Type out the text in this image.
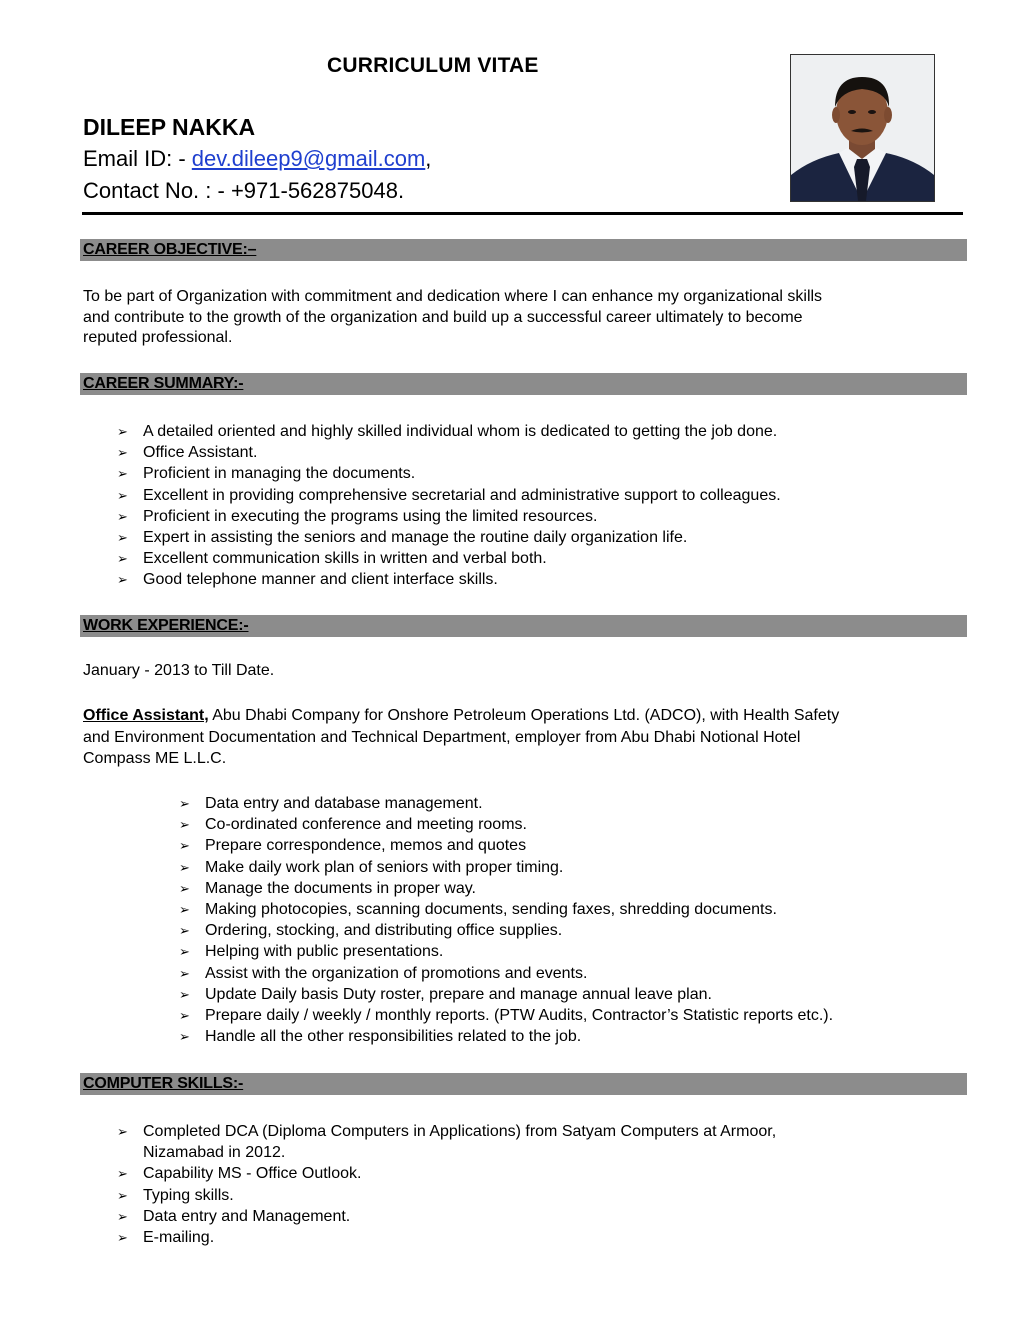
CURRICULUM VITAE
DILEEP NAKKA
Email ID: - dev.dileep9@gmail.com,
Contact No. : - +971-562875048.
CAREER OBJECTIVE:–

To be part of Organization with commitment and dedication where I can enhance my organizational skills

and contribute to the growth of the organization and build up a successful career ultimately to become

reputed professional.

CAREER SUMMARY:-
➢ A detailed oriented and highly skilled individual whom is dedicated to getting the job done.
➢ Office Assistant.
➢ Proficient in managing the documents.
➢ Excellent in providing comprehensive secretarial and administrative support to colleagues.
➢ Proficient in executing the programs using the limited resources.
➢ Expert in assisting the seniors and manage the routine daily organization life.
➢ Excellent communication skills in written and verbal both.
➢ Good telephone manner and client interface skills.
WORK EXPERIENCE:-
January - 2013 to Till Date.

Office Assistant, Abu Dhabi Company for Onshore Petroleum Operations Ltd. (ADCO), with Health Safety

and Environment Documentation and Technical Department, employer from Abu Dhabi Notional Hotel

Compass ME L.L.C.

➢ Data entry and database management.
➢ Co-ordinated conference and meeting rooms.
➢ Prepare correspondence, memos and quotes
➢ Make daily work plan of seniors with proper timing.
➢ Manage the documents in proper way.
➢ Making photocopies, scanning documents, sending faxes, shredding documents.
➢ Ordering, stocking, and distributing office supplies.
➢ Helping with public presentations.
➢ Assist with the organization of promotions and events.
➢ Update Daily basis Duty roster, prepare and manage annual leave plan.
➢ Prepare daily / weekly / monthly reports. (PTW Audits, Contractor’s Statistic reports etc.).
➢ Handle all the other responsibilities related to the job.
COMPUTER SKILLS:-
➢ Completed DCA (Diploma Computers in Applications) from Satyam Computers at Armoor,
Nizamabad in 2012.
➢ Capability MS - Office Outlook.
➢ Typing skills.
➢ Data entry and Management.
➢ E-mailing.
